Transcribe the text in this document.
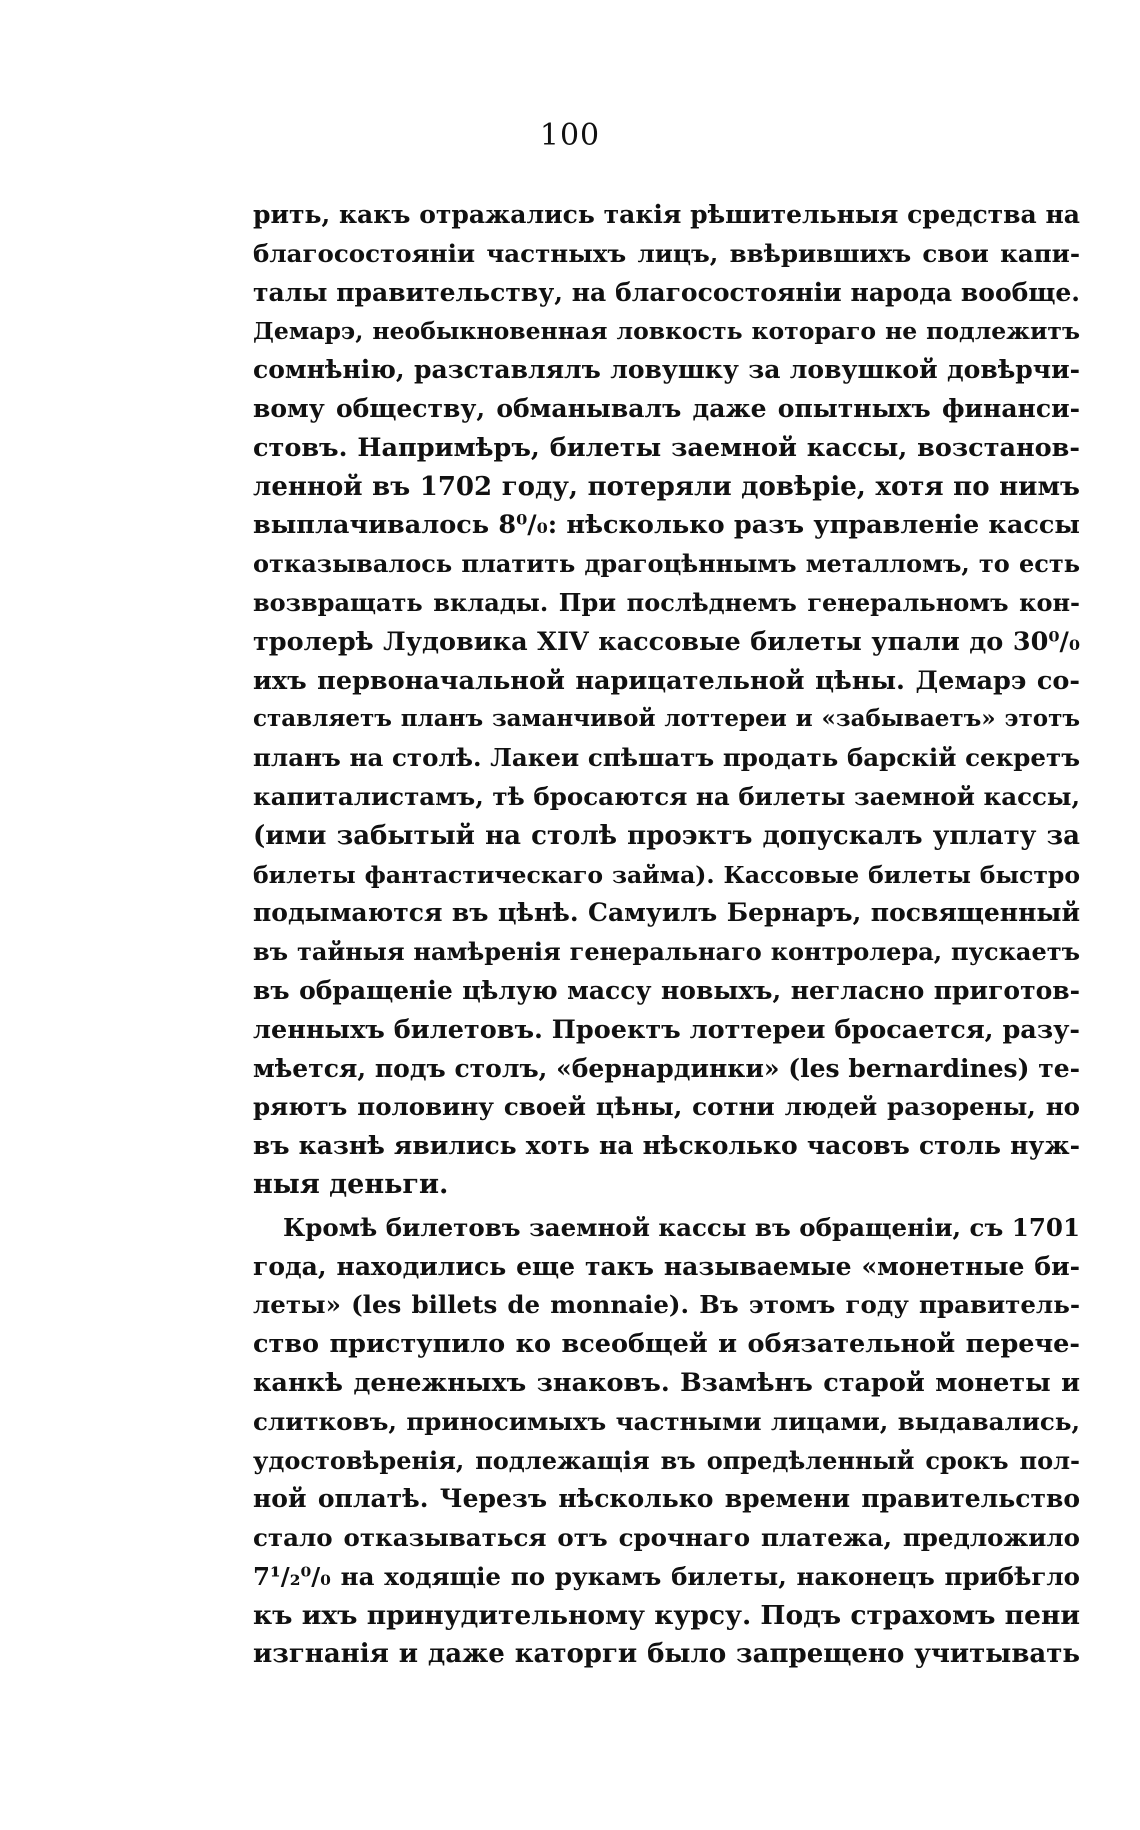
100
рить, какъ отражались такія рѣшительныя средства на
благосостояніи частныхъ лицъ, ввѣрившихъ свои капи-
талы правительству, на благосостояніи народа вообще.
Демарэ, необыкновенная ловкость котораго не подлежитъ
сомнѣнію, разставлялъ ловушку за ловушкой довѣрчи-
вому обществу, обманывалъ даже опытныхъ финанси-
стовъ. Напримѣръ, билеты заемной кассы, возстанов-
ленной въ 1702 году, потеряли довѣріе, хотя по нимъ
выплачивалось 8⁰/₀: нѣсколько разъ управленіе кассы
отказывалось платить драгоцѣннымъ металломъ, то есть
возвращать вклады. При послѣднемъ генеральномъ кон-
тролерѣ Лудовика XIV кассовые билеты упали до 30⁰/₀
ихъ первоначальной нарицательной цѣны. Демарэ со-
ставляетъ планъ заманчивой лоттереи и «забываетъ» этотъ
планъ на столѣ. Лакеи спѣшатъ продать барскій секретъ
капиталистамъ, тѣ бросаются на билеты заемной кассы,
(ими забытый на столѣ проэктъ допускалъ уплату за
билеты фантастическаго займа). Кассовые билеты быстро
подымаются въ цѣнѣ. Самуилъ Бернаръ, посвященный
въ тайныя намѣренія генеральнаго контролера, пускаетъ
въ обращеніе цѣлую массу новыхъ, негласно приготов-
ленныхъ билетовъ. Проектъ лоттереи бросается, разу-
мѣется, подъ столъ, «бернардинки» (les bernardines) те-
ряютъ половину своей цѣны, сотни людей разорены, но
въ казнѣ явились хоть на нѣсколько часовъ столь нуж-
ныя деньги.
Кромѣ билетовъ заемной кассы въ обращеніи, съ 1701
года, находились еще такъ называемые «монетные би-
леты» (les billets de monnaie). Въ этомъ году правитель-
ство приступило ко всеобщей и обязательной перече-
канкѣ денежныхъ знаковъ. Взамѣнъ старой монеты и
слитковъ, приносимыхъ частными лицами, выдавались,
удостовѣренія, подлежащія въ опредѣленный срокъ пол-
ной оплатѣ. Черезъ нѣсколько времени правительство
стало отказываться отъ срочнаго платежа, предложило
7¹/₂⁰/₀ на ходящіе по рукамъ билеты, наконецъ прибѣгло
къ ихъ принудительному курсу. Подъ страхомъ пени
изгнанія и даже каторги было запрещено учитывать
